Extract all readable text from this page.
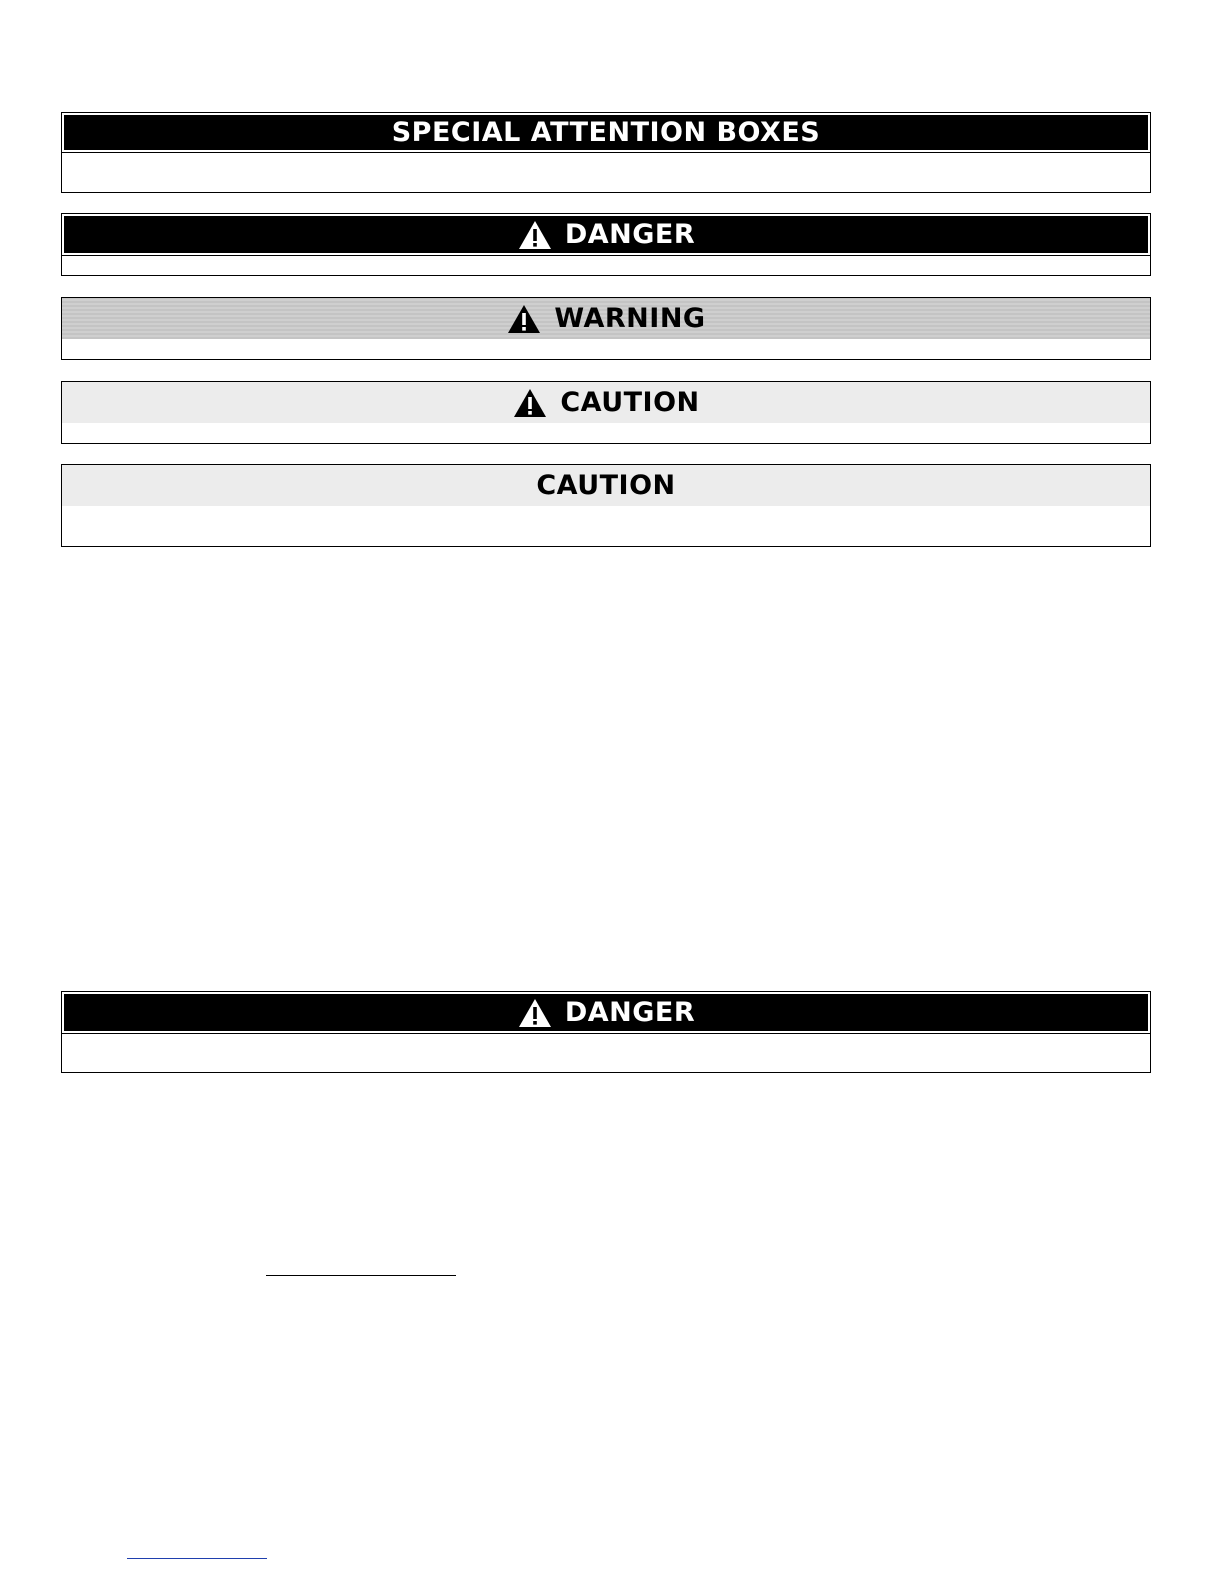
SPECIAL ATTENTION BOXES
DANGER
WARNING
CAUTION
CAUTION
DANGER
